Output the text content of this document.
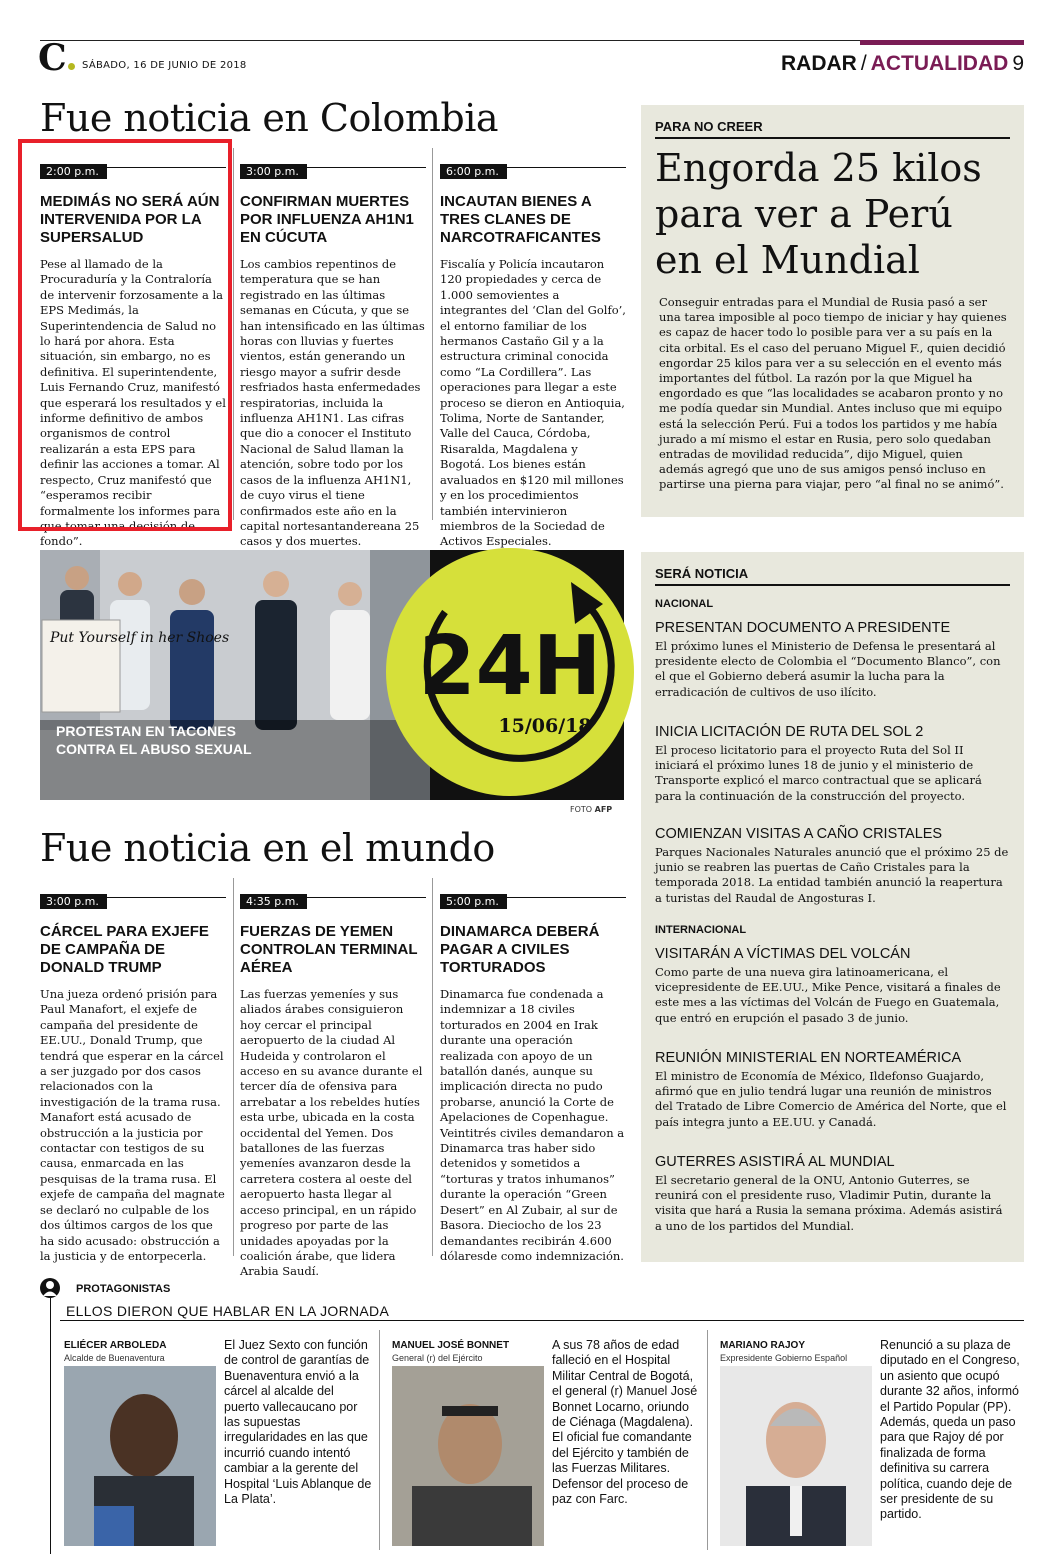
C	SÁBADO, 16 DE JUNIO DE 2018	RADAR / ACTUALIDAD 9
Fue noticia en Colombia
2:00 p.m.
MEDIMÁS NO SERÁ AÚN INTERVENIDA POR LA SUPERSALUD
Pese al llamado de la Procuraduría y la Contraloría de intervenir forzosamente a la EPS Medimás, la Superintendencia de Salud no lo hará por ahora. Esta situación, sin embargo, no es definitiva. El superintendente, Luis Fernando Cruz, manifestó que esperará los resultados y el informe definitivo de ambos organismos de control realizarán a esta EPS para definir las acciones a tomar. Al respecto, Cruz manifestó que “esperamos recibir formalmente los informes para que tomar una decisión de fondo”.
3:00 p.m.
CONFIRMAN MUERTES POR INFLUENZA AH1N1 EN CÚCUTA
Los cambios repentinos de temperatura que se han registrado en las últimas semanas en Cúcuta, y que se han intensificado en las últimas horas con lluvias y fuertes vientos, están generando un riesgo mayor a sufrir desde resfriados hasta enfermedades respiratorias, incluida la influenza AH1N1. Las cifras que dio a conocer el Instituto Nacional de Salud llaman la atención, sobre todo por los casos de la influenza AH1N1, de cuyo virus el tiene confirmados este año en la capital nortesantandereana 25 casos y dos muertes.
6:00 p.m.
INCAUTAN BIENES A TRES CLANES DE NARCOTRAFICANTES
Fiscalía y Policía incautaron 120 propiedades y cerca de 1.000 semovientes a integrantes del ‘Clan del Golfo’, el entorno familiar de los hermanos Castaño Gil y a la estructura criminal conocida como “La Cordillera”. Las operaciones para llegar a este proceso se dieron en Antioquia, Tolima, Norte de Santander, Valle del Cauca, Córdoba, Risaralda, Magdalena y Bogotá. Los bienes están avaluados en $120 mil millones y en los procedimientos también intervinieron miembros de la Sociedad de Activos Especiales.
Put Yourself in her Shoes
PROTESTAN EN TACONES
CONTRA EL ABUSO SEXUAL
24H
15/06/18
FOTO AFP
Fue noticia en el mundo
3:00 p.m.
CÁRCEL PARA EXJEFE DE CAMPAÑA DE DONALD TRUMP
Una jueza ordenó prisión para Paul Manafort, el exjefe de campaña del presidente de EE.UU., Donald Trump, que tendrá que esperar en la cárcel a ser juzgado por dos casos relacionados con la investigación de la trama rusa. Manafort está acusado de obstrucción a la justicia por contactar con testigos de su causa, enmarcada en las pesquisas de la trama rusa. El exjefe de campaña del magnate se declaró no culpable de los dos últimos cargos de los que ha sido acusado: obstrucción a la justicia y de entorpecerla.
4:35 p.m.
FUERZAS DE YEMEN CONTROLAN TERMINAL AÉREA
Las fuerzas yemeníes y sus aliados árabes consiguieron hoy cercar el principal aeropuerto de la ciudad Al Hudeida y controlaron el acceso en su avance durante el tercer día de ofensiva para arrebatar a los rebeldes hutíes esta urbe, ubicada en la costa occidental del Yemen. Dos batallones de las fuerzas yemeníes avanzaron desde la carretera costera al oeste del aeropuerto hasta llegar al acceso principal, en un rápido progreso por parte de las unidades apoyadas por la coalición árabe, que lidera Arabia Saudí.
5:00 p.m.
DINAMARCA DEBERÁ PAGAR A CIVILES TORTURADOS
Dinamarca fue condenada a indemnizar a 18 civiles torturados en 2004 en Irak durante una operación realizada con apoyo de un batallón danés, aunque su implicación directa no pudo probarse, anunció la Corte de Apelaciones de Copenhague. Veintitrés civiles demandaron a Dinamarca tras haber sido detenidos y sometidos a “torturas y tratos inhumanos” durante la operación “Green Desert” en Al Zubair, al sur de Basora. Dieciocho de los 23 demandantes recibirán 4.600 dólaresde como indemnización.
PARA NO CREER
Engorda 25 kilos para ver a Perú en el Mundial
Conseguir entradas para el Mundial de Rusia pasó a ser una tarea imposible al poco tiempo de iniciar y hay quienes es capaz de hacer todo lo posible para ver a su país en la cita orbital. Es el caso del peruano Miguel F., quien decidió engordar 25 kilos para ver a su selección en el evento más importantes del fútbol. La razón por la que Miguel ha engordado es que “las localidades se acabaron pronto y no me podía quedar sin Mundial. Antes incluso que mi equipo está la selección Perú. Fui a todos los partidos y me había jurado a mí mismo el estar en Rusia, pero solo quedaban entradas de movilidad reducida”, dijo Miguel, quien además agregó que uno de sus amigos pensó incluso en partirse una pierna para viajar, pero “al final no se animó”.
SERÁ NOTICIA
NACIONAL
PRESENTAN DOCUMENTO A PRESIDENTE
El próximo lunes el Ministerio de Defensa le presentará al presidente electo de Colombia el “Documento Blanco”, con el que el Gobierno deberá asumir la lucha para la erradicación de cultivos de uso ilícito.
INICIA LICITACIÓN DE RUTA DEL SOL 2
El proceso licitatorio para el proyecto Ruta del Sol II iniciará el próximo lunes 18 de junio y el ministerio de Transporte explicó el marco contractual que se aplicará para la continuación de la construcción del proyecto.
COMIENZAN VISITAS A CAÑO CRISTALES
Parques Nacionales Naturales anunció que el próximo 25 de junio se reabren las puertas de Caño Cristales para la temporada 2018. La entidad también anunció la reapertura a turistas del Raudal de Angosturas I.
INTERNACIONAL
VISITARÁN A VÍCTIMAS DEL VOLCÁN
Como parte de una nueva gira latinoamericana, el vicepresidente de EE.UU., Mike Pence, visitará a finales de este mes a las víctimas del Volcán de Fuego en Guatemala, que entró en erupción el pasado 3 de junio.
REUNIÓN MINISTERIAL EN NORTEAMÉRICA
El ministro de Economía de México, Ildefonso Guajardo, afirmó que en julio tendrá lugar una reunión de ministros del Tratado de Libre Comercio de América del Norte, que el país integra junto a EE.UU. y Canadá.
GUTERRES ASISTIRÁ AL MUNDIAL
El secretario general de la ONU, Antonio Guterres, se reunirá con el presidente ruso, Vladimir Putin, durante la visita que hará a Rusia la semana próxima. Además asistirá a uno de los partidos del Mundial.
PROTAGONISTAS
ELLOS DIERON QUE HABLAR EN LA JORNADA
ELIÉCER ARBOLEDA
Alcalde de Buenaventura
El Juez Sexto con función de control de garantías de Buenaventura envió a la cárcel al alcalde del puerto vallecaucano por las supuestas irregularidades en las que incurrió cuando intentó cambiar a la gerente del Hospital ‘Luis Ablanque de La Plata’.
MANUEL JOSÉ BONNET
General (r) del Ejército
A sus 78 años de edad falleció en el Hospital Militar Central de Bogotá, el general (r) Manuel José Bonnet Locarno, oriundo de Ciénaga (Magdalena). El oficial fue comandante del Ejército y también de las Fuerzas Militares. Defensor del proceso de paz con Farc.
MARIANO RAJOY
Expresidente Gobierno Español
Renunció a su plaza de diputado en el Congreso, un asiento que ocupó durante 32 años, informó el Partido Popular (PP). Además, queda un paso para que Rajoy dé por finalizada de forma definitiva su carrera política, cuando deje de ser presidente de su partido.
